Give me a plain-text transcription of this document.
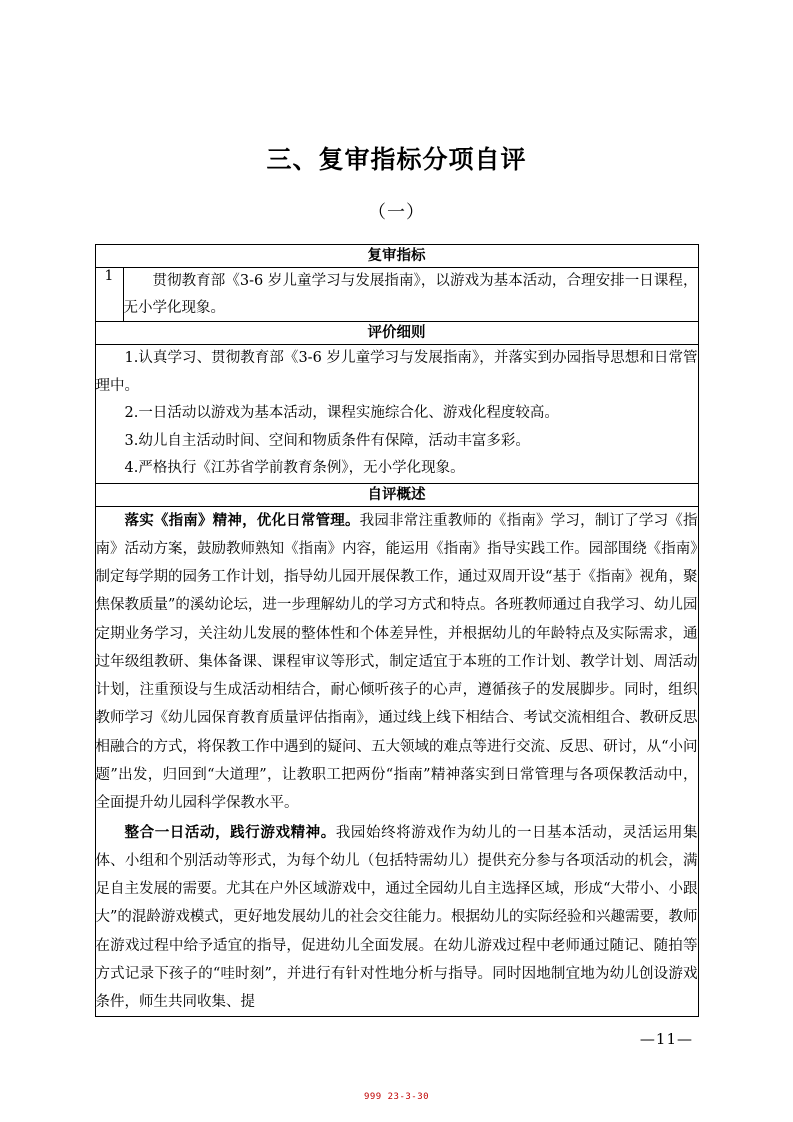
三、复审指标分项自评
（一）
复审指标
1	贯彻教育部《3-6 岁儿童学习与发展指南》，以游戏为基本活动，合理安排一日课程，无小学化现象。
评价细则

1.认真学习、贯彻教育部《3-6 岁儿童学习与发展指南》，并落实到办园指导思想和日常管理中。

2.一日活动以游戏为基本活动，课程实施综合化、游戏化程度较高。

3.幼儿自主活动时间、空间和物质条件有保障，活动丰富多彩。

4.严格执行《江苏省学前教育条例》，无小学化现象。

自评概述

落实《指南》精神，优化日常管理。我园非常注重教师的《指南》学习，制订了学习《指南》活动方案，鼓励教师熟知《指南》内容，能运用《指南》指导实践工作。园部围绕《指南》制定每学期的园务工作计划，指导幼儿园开展保教工作，通过双周开设“基于《指南》视角，聚焦保教质量”的溪幼论坛，进一步理解幼儿的学习方式和特点。各班教师通过自我学习、幼儿园定期业务学习，关注幼儿发展的整体性和个体差异性，并根据幼儿的年龄特点及实际需求，通过年级组教研、集体备课、课程审议等形式，制定适宜于本班的工作计划、教学计划、周活动计划，注重预设与生成活动相结合，耐心倾听孩子的心声，遵循孩子的发展脚步。同时，组织教师学习《幼儿园保育教育质量评估指南》，通过线上线下相结合、考试交流相组合、教研反思相融合的方式，将保教工作中遇到的疑问、五大领域的难点等进行交流、反思、研讨，从“小问题”出发，归回到“大道理”，让教职工把两份“指南”精神落实到日常管理与各项保教活动中，全面提升幼儿园科学保教水平。

整合一日活动，践行游戏精神。我园始终将游戏作为幼儿的一日基本活动，灵活运用集体、小组和个别活动等形式，为每个幼儿（包括特需幼儿）提供充分参与各项活动的机会，满足自主发展的需要。尤其在户外区域游戏中，通过全园幼儿自主选择区域，形成“大带小、小跟大”的混龄游戏模式，更好地发展幼儿的社会交往能力。根据幼儿的实际经验和兴趣需要，教师在游戏过程中给予适宜的指导，促进幼儿全面发展。在幼儿游戏过程中老师通过随记、随拍等方式记录下孩子的“哇时刻”，并进行有针对性地分析与指导。同时因地制宜地为幼儿创设游戏条件，师生共同收集、提

—11—
999 23-3-30
